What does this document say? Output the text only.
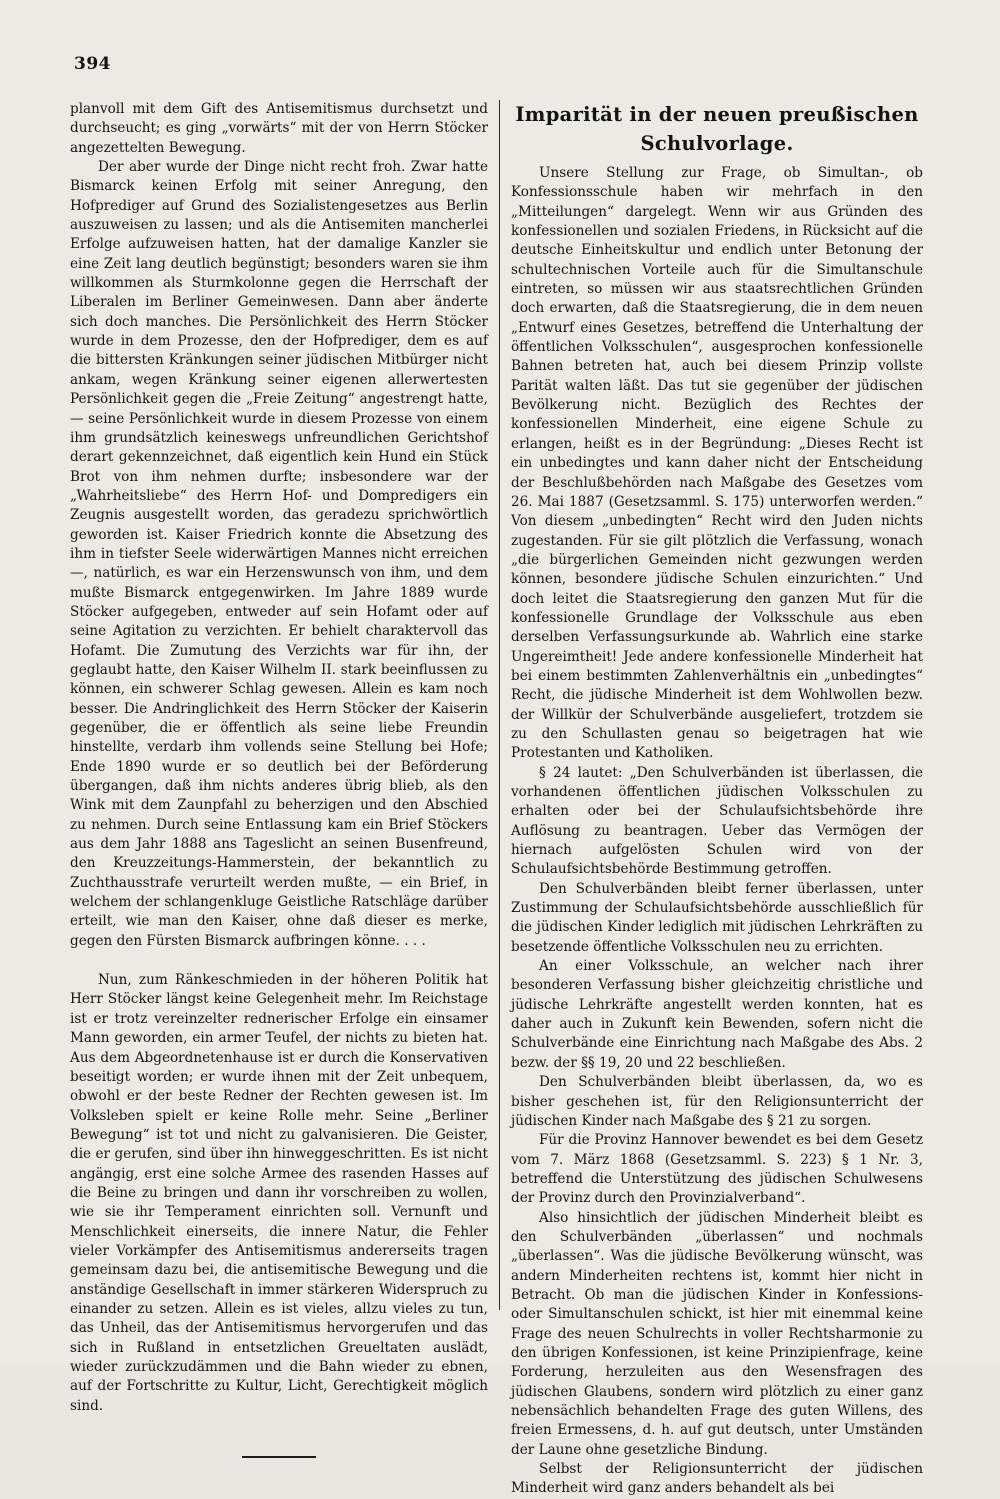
394

planvoll mit dem Gift des Antisemitismus durchsetzt und durchseucht; es ging „vorwärts“ mit der von Herrn Stöcker angezettelten Bewegung.

Der aber wurde der Dinge nicht recht froh. Zwar hatte Bismarck keinen Erfolg mit seiner Anregung, den Hofprediger auf Grund des Sozialistengesetzes aus Berlin auszuweisen zu lassen; und als die Antisemiten mancherlei Erfolge aufzuweisen hatten, hat der damalige Kanzler sie eine Zeit lang deutlich begünstigt; besonders waren sie ihm willkommen als Sturmkolonne gegen die Herrschaft der Liberalen im Berliner Gemeinwesen. Dann aber änderte sich doch manches. Die Persönlichkeit des Herrn Stöcker wurde in dem Prozesse, den der Hofprediger, dem es auf die bittersten Kränkungen seiner jüdischen Mitbürger nicht ankam, wegen Kränkung seiner eigenen allerwertesten Persönlichkeit gegen die „Freie Zeitung“ angestrengt hatte, — seine Persönlichkeit wurde in diesem Prozesse von einem ihm grundsätzlich keineswegs unfreundlichen Gerichtshof derart gekennzeichnet, daß eigentlich kein Hund ein Stück Brot von ihm nehmen durfte; insbesondere war der „Wahrheitsliebe“ des Herrn Hof- und Dompredigers ein Zeugnis ausgestellt worden, das geradezu sprichwörtlich geworden ist. Kaiser Friedrich konnte die Absetzung des ihm in tiefster Seele widerwärtigen Mannes nicht erreichen —, natürlich, es war ein Herzenswunsch von ihm, und dem mußte Bismarck entgegenwirken. Im Jahre 1889 wurde Stöcker aufgegeben, entweder auf sein Hofamt oder auf seine Agitation zu verzichten. Er behielt charaktervoll das Hofamt. Die Zumutung des Verzichts war für ihn, der geglaubt hatte, den Kaiser Wilhelm II. stark beeinflussen zu können, ein schwerer Schlag gewesen. Allein es kam noch besser. Die Andringlichkeit des Herrn Stöcker der Kaiserin gegenüber, die er öffentlich als seine liebe Freundin hinstellte, verdarb ihm vollends seine Stellung bei Hofe; Ende 1890 wurde er so deutlich bei der Beförderung übergangen, daß ihm nichts anderes übrig blieb, als den Wink mit dem Zaunpfahl zu beherzigen und den Abschied zu nehmen. Durch seine Entlassung kam ein Brief Stöckers aus dem Jahr 1888 ans Tageslicht an seinen Busenfreund, den Kreuzzeitungs-Hammerstein, der bekanntlich zu Zuchthausstrafe verurteilt werden mußte, — ein Brief, in welchem der schlangenkluge Geistliche Ratschläge darüber erteilt, wie man den Kaiser, ohne daß dieser es merke, gegen den Fürsten Bismarck aufbringen könne. . . .

Nun, zum Ränkeschmieden in der höheren Politik hat Herr Stöcker längst keine Gelegenheit mehr. Im Reichstage ist er trotz vereinzelter rednerischer Erfolge ein einsamer Mann geworden, ein armer Teufel, der nichts zu bieten hat. Aus dem Abgeordnetenhause ist er durch die Konservativen beseitigt worden; er wurde ihnen mit der Zeit unbequem, obwohl er der beste Redner der Rechten gewesen ist. Im Volksleben spielt er keine Rolle mehr. Seine „Berliner Bewegung“ ist tot und nicht zu galvanisieren. Die Geister, die er gerufen, sind über ihn hinweggeschritten. Es ist nicht angängig, erst eine solche Armee des rasenden Hasses auf die Beine zu bringen und dann ihr vorschreiben zu wollen, wie sie ihr Temperament einrichten soll. Vernunft und Menschlichkeit einerseits, die innere Natur, die Fehler vieler Vorkämpfer des Antisemitismus andererseits tragen gemeinsam dazu bei, die antisemitische Bewegung und die anständige Gesellschaft in immer stärkeren Widerspruch zu einander zu setzen. Allein es ist vieles, allzu vieles zu tun, das Unheil, das der Antisemitismus hervorgerufen und das sich in Rußland in entsetzlichen Greueltaten auslädt, wieder zurückzudämmen und die Bahn wieder zu ebnen, auf der Fortschritte zu Kultur, Licht, Gerechtigkeit möglich sind.

Imparität in der neuen preußischen Schulvorlage.

Unsere Stellung zur Frage, ob Simultan-, ob Konfessionsschule haben wir mehrfach in den „Mitteilungen“ dargelegt. Wenn wir aus Gründen des konfessionellen und sozialen Friedens, in Rücksicht auf die deutsche Einheitskultur und endlich unter Betonung der schultechnischen Vorteile auch für die Simultanschule eintreten, so müssen wir aus staatsrechtlichen Gründen doch erwarten, daß die Staatsregierung, die in dem neuen „Entwurf eines Gesetzes, betreffend die Unterhaltung der öffentlichen Volksschulen“, ausgesprochen konfessionelle Bahnen betreten hat, auch bei diesem Prinzip vollste Parität walten läßt. Das tut sie gegenüber der jüdischen Bevölkerung nicht. Bezüglich des Rechtes der konfessionellen Minderheit, eine eigene Schule zu erlangen, heißt es in der Begründung: „Dieses Recht ist ein unbedingtes und kann daher nicht der Entscheidung der Beschlußbehörden nach Maßgabe des Gesetzes vom 26. Mai 1887 (Gesetzsamml. S. 175) unterworfen werden.“ Von diesem „unbedingten“ Recht wird den Juden nichts zugestanden. Für sie gilt plötzlich die Verfassung, wonach „die bürgerlichen Gemeinden nicht gezwungen werden können, besondere jüdische Schulen einzurichten.“ Und doch leitet die Staatsregierung den ganzen Mut für die konfessionelle Grundlage der Volksschule aus eben derselben Verfassungsurkunde ab. Wahrlich eine starke Ungereimtheit! Jede andere konfessionelle Minderheit hat bei einem bestimmten Zahlenverhältnis ein „unbedingtes“ Recht, die jüdische Minderheit ist dem Wohlwollen bezw. der Willkür der Schulverbände ausgeliefert, trotzdem sie zu den Schullasten genau so beigetragen hat wie Protestanten und Katholiken.

§ 24 lautet: „Den Schulverbänden ist überlassen, die vorhandenen öffentlichen jüdischen Volksschulen zu erhalten oder bei der Schulaufsichtsbehörde ihre Auflösung zu beantragen. Ueber das Vermögen der hiernach aufgelösten Schulen wird von der Schulaufsichtsbehörde Bestimmung getroffen.

Den Schulverbänden bleibt ferner überlassen, unter Zustimmung der Schulaufsichtsbehörde ausschließlich für die jüdischen Kinder lediglich mit jüdischen Lehrkräften zu besetzende öffentliche Volksschulen neu zu errichten.

An einer Volksschule, an welcher nach ihrer besonderen Verfassung bisher gleichzeitig christliche und jüdische Lehrkräfte angestellt werden konnten, hat es daher auch in Zukunft kein Bewenden, sofern nicht die Schulverbände eine Einrichtung nach Maßgabe des Abs. 2 bezw. der §§ 19, 20 und 22 beschließen.

Den Schulverbänden bleibt überlassen, da, wo es bisher geschehen ist, für den Religionsunterricht der jüdischen Kinder nach Maßgabe des § 21 zu sorgen.

Für die Provinz Hannover bewendet es bei dem Gesetz vom 7. März 1868 (Gesetzsamml. S. 223) § 1 Nr. 3, betreffend die Unterstützung des jüdischen Schulwesens der Provinz durch den Provinzialverband“.

Also hinsichtlich der jüdischen Minderheit bleibt es den Schulverbänden „überlassen“ und nochmals „überlassen“. Was die jüdische Bevölkerung wünscht, was andern Minderheiten rechtens ist, kommt hier nicht in Betracht. Ob man die jüdischen Kinder in Konfessions- oder Simultanschulen schickt, ist hier mit einemmal keine Frage des neuen Schulrechts in voller Rechtsharmonie zu den übrigen Konfessionen, ist keine Prinzipienfrage, keine Forderung, herzuleiten aus den Wesensfragen des jüdischen Glaubens, sondern wird plötzlich zu einer ganz nebensächlich behandelten Frage des guten Willens, des freien Ermessens, d. h. auf gut deutsch, unter Umständen der Laune ohne gesetzliche Bindung.

Selbst der Religionsunterricht der jüdischen Minderheit wird ganz anders behandelt als bei
